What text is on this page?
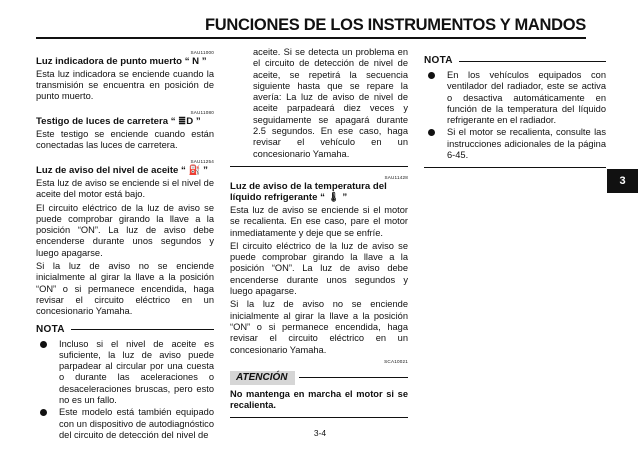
FUNCIONES DE LOS INSTRUMENTOS Y MANDOS
SAU11000
Luz indicadora de punto muerto “ N ”

Esta luz indicadora se enciende cuando la transmisión se encuentra en posición de punto muerto.

SAU11080
Testigo de luces de carretera “ ≣D ”

Este testigo se enciende cuando están conectadas las luces de carretera.

SAU11254
Luz de aviso del nivel de aceite “ ⛽ ”

Esta luz de aviso se enciende si el nivel de aceite del motor está bajo.

El circuito eléctrico de la luz de aviso se puede comprobar girando la llave a la posición “ON”. La luz de aviso debe encenderse durante unos segundos y luego apagarse.

Si la luz de aviso no se enciende inicialmente al girar la llave a la posición “ON” o si permanece encendida, haga revisar el circuito eléctrico en un concesionario Yamaha.

NOTA
Incluso si el nivel de aceite es suficiente, la luz de aviso puede parpadear al circular por una cuesta o durante las aceleraciones o desaceleraciones bruscas, pero esto no es un fallo.
Este modelo está también equipado con un dispositivo de autodiagnóstico del circuito de detección del nivel de
aceite. Si se detecta un problema en el circuito de detección de nivel de aceite, se repetirá la secuencia siguiente hasta que se repare la avería: La luz de aviso de nivel de aceite parpadeará diez veces y seguidamente se apagará durante 2.5 segundos. En ese caso, haga revisar el vehículo en un concesionario Yamaha.
SAU11428
Luz de aviso de la temperatura del líquido refrigerante “ 🌡 ”

Esta luz de aviso se enciende si el motor se recalienta. En ese caso, pare el motor inmediatamente y deje que se enfríe.

El circuito eléctrico de la luz de aviso se puede comprobar girando la llave a la posición “ON”. La luz de aviso debe encenderse durante unos segundos y luego apagarse.

Si la luz de aviso no se enciende inicialmente al girar la llave a la posición “ON” o si permanece encendida, haga revisar el circuito eléctrico en un concesionario Yamaha.

SCA10021
ATENCIÓN

No mantenga en marcha el motor si se recalienta.

NOTA
En los vehículos equipados con ventilador del radiador, este se activa o desactiva automáticamente en función de la temperatura del líquido refrigerante en el radiador.
Si el motor se recalienta, consulte las instrucciones adicionales de la página 6-45.
3
3-4
